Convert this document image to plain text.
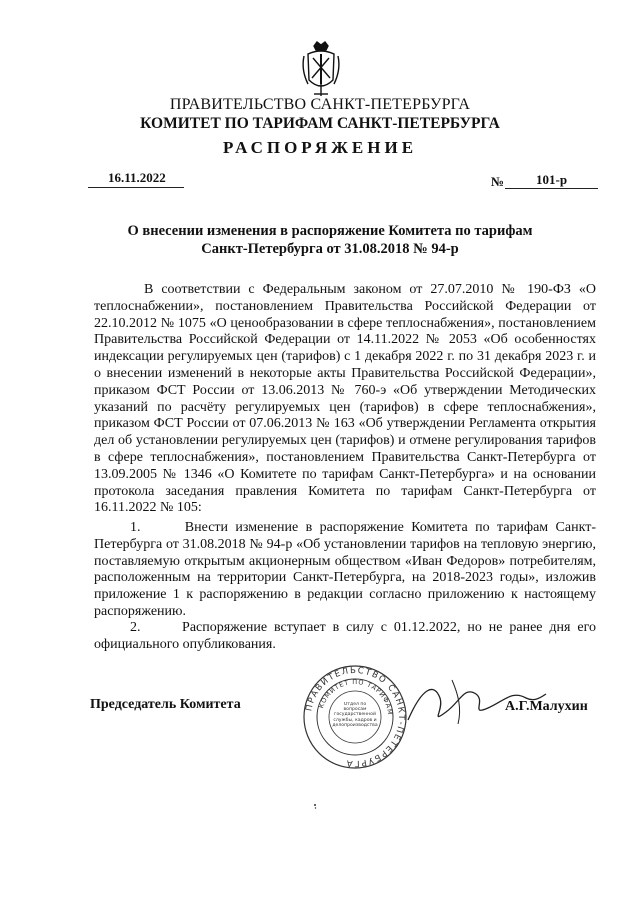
ПРАВИТЕЛЬСТВО САНКТ-ПЕТЕРБУРГА
КОМИТЕТ ПО ТАРИФАМ САНКТ-ПЕТЕРБУРГА
РАСПОРЯЖЕНИЕ
16.11.2022	№ 101-р
О внесении изменения в распоряжение Комитета по тарифам
Санкт-Петербурга от 31.08.2018 № 94-р
В соответствии с Федеральным законом от 27.07.2010 № 190-ФЗ «О теплоснабжении», постановлением Правительства Российской Федерации от 22.10.2012 № 1075 «О ценообразовании в сфере теплоснабжения», постановлением Правительства Российской Федерации от 14.11.2022 № 2053 «Об особенностях индексации регулируемых цен (тарифов) с 1 декабря 2022 г. по 31 декабря 2023 г. и о внесении изменений в некоторые акты Правительства Российской Федерации», приказом ФСТ России от 13.06.2013 № 760-э «Об утверждении Методических указаний по расчёту регулируемых цен (тарифов) в сфере теплоснабжения», приказом ФСТ России от 07.06.2013 № 163 «Об утверждении Регламента открытия дел об установлении регулируемых цен (тарифов) и отмене регулирования тарифов в сфере теплоснабжения», постановлением Правительства Санкт-Петербурга от 13.09.2005 № 1346 «О Комитете по тарифам Санкт-Петербурга» и на основании протокола заседания правления Комитета по тарифам Санкт-Петербурга от 16.11.2022 № 105:
1.	Внести изменение в распоряжение Комитета по тарифам Санкт-Петербурга от 31.08.2018 № 94-р «Об установлении тарифов на тепловую энергию, поставляемую открытым акционерным обществом «Иван Федоров» потребителям, расположенным на территории Санкт-Петербурга, на 2018-2023 годы», изложив приложение 1 к распоряжению в редакции согласно приложению к настоящему распоряжению.
2.	Распоряжение вступает в силу с 01.12.2022, но не ранее дня его официального опубликования.
Председатель Комитета	А.Г.Малухин
ПРАВИТЕЛЬСТВО САНКТ-ПЕТЕРБУРГА
КОМИТЕТ ПО ТАРИФАМ
Отдел по вопросам государственной службы, кадров и делопроизводства
